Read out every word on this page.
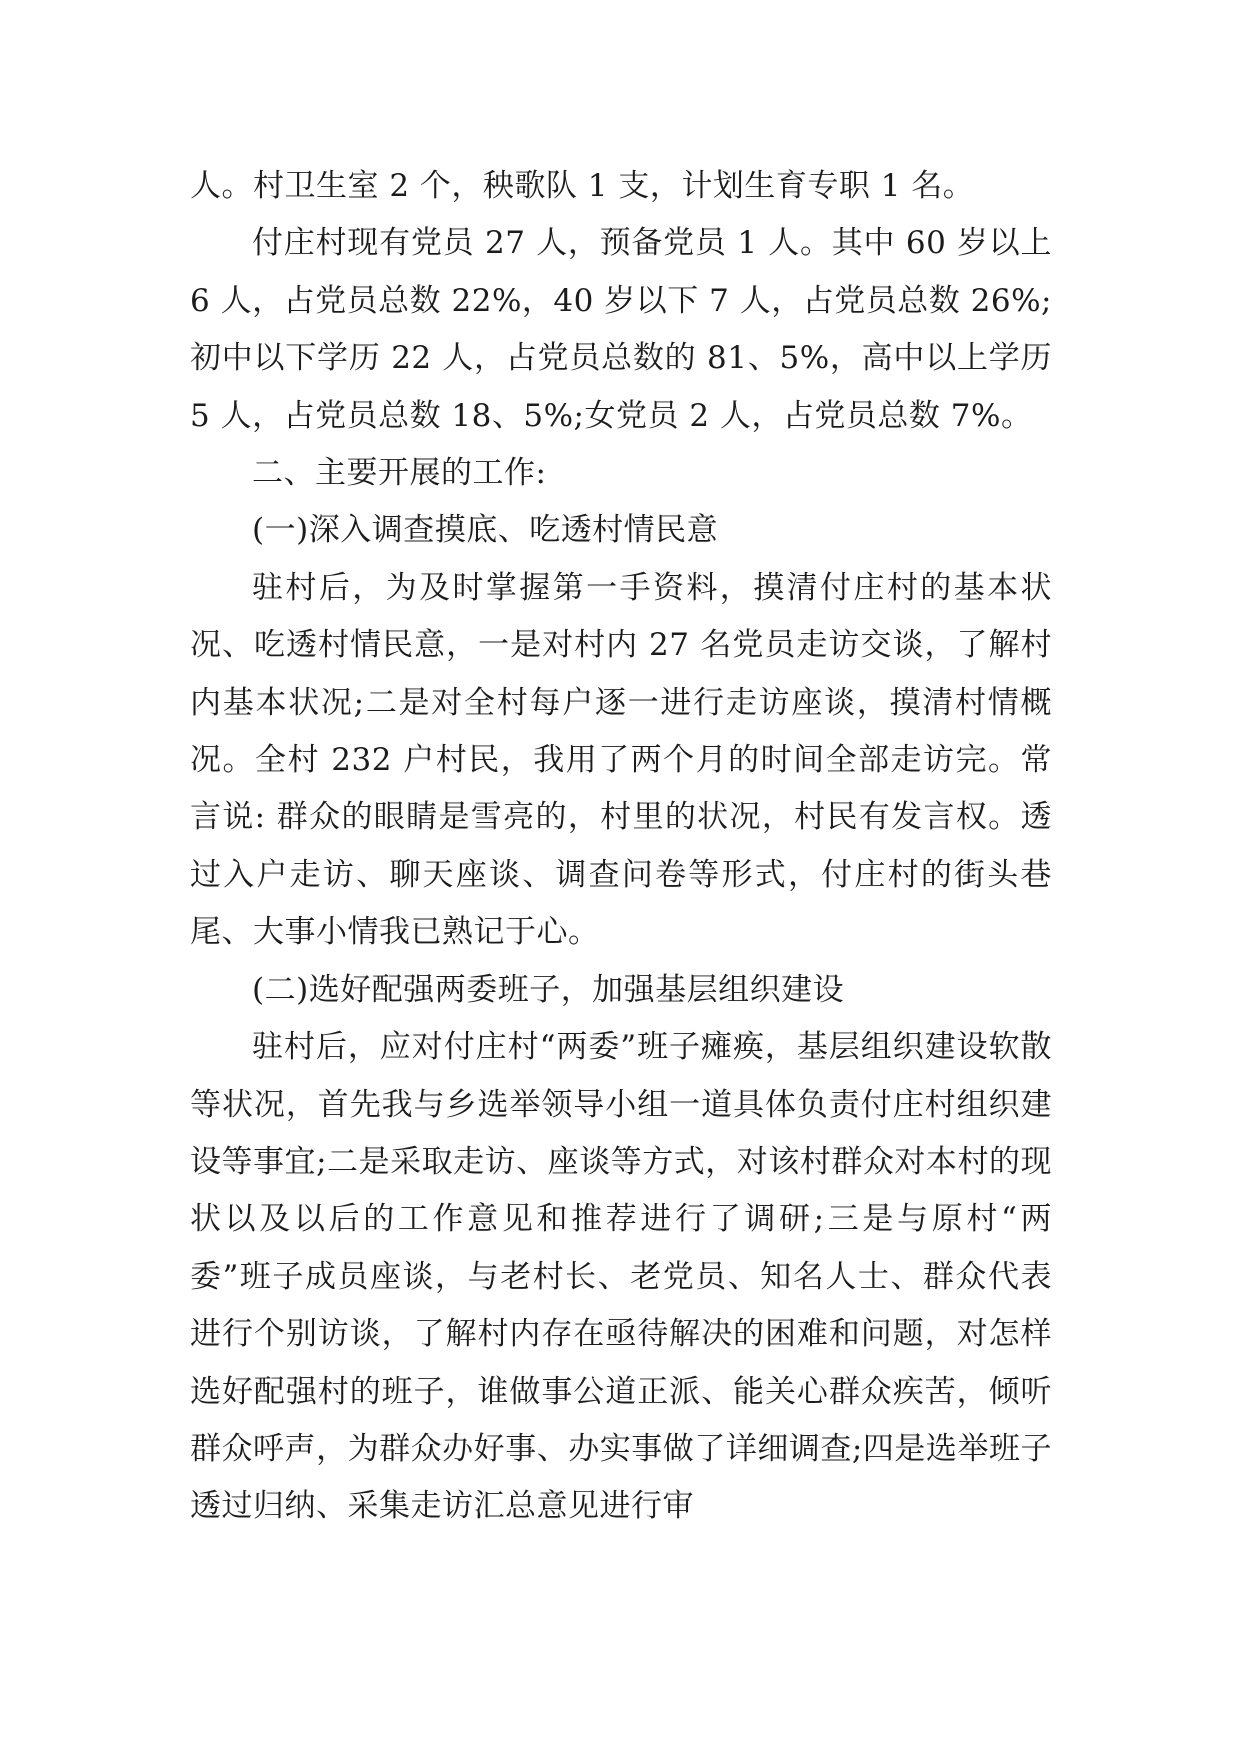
人。村卫生室 2 个，秧歌队 1 支，计划生育专职 1 名。

付庄村现有党员 27 人，预备党员 1 人。其中 60 岁以上 6 人，占党员总数 22%，40 岁以下 7 人，占党员总数 26%;初中以下学历 22 人，占党员总数的 81、5%，高中以上学历 5 人，占党员总数 18、5%;女党员 2 人，占党员总数 7%。

二、主要开展的工作:

(一)深入调查摸底、吃透村情民意

驻村后，为及时掌握第一手资料，摸清付庄村的基本状况、吃透村情民意，一是对村内 27 名党员走访交谈，了解村内基本状况;二是对全村每户逐一进行走访座谈，摸清村情概况。全村 232 户村民，我用了两个月的时间全部走访完。常言说: 群众的眼睛是雪亮的，村里的状况，村民有发言权。透过入户走访、聊天座谈、调查问卷等形式，付庄村的街头巷尾、大事小情我已熟记于心。

(二)选好配强两委班子，加强基层组织建设

驻村后，应对付庄村“两委”班子瘫痪，基层组织建设软散等状况，首先我与乡选举领导小组一道具体负责付庄村组织建设等事宜;二是采取走访、座谈等方式，对该村群众对本村的现状以及以后的工作意见和推荐进行了调研;三是与原村“两委”班子成员座谈，与老村长、老党员、知名人士、群众代表进行个别访谈，了解村内存在亟待解决的困难和问题，对怎样选好配强村的班子，谁做事公道正派、能关心群众疾苦，倾听群众呼声，为群众办好事、办实事做了详细调查;四是选举班子透过归纳、采集走访汇总意见进行审
